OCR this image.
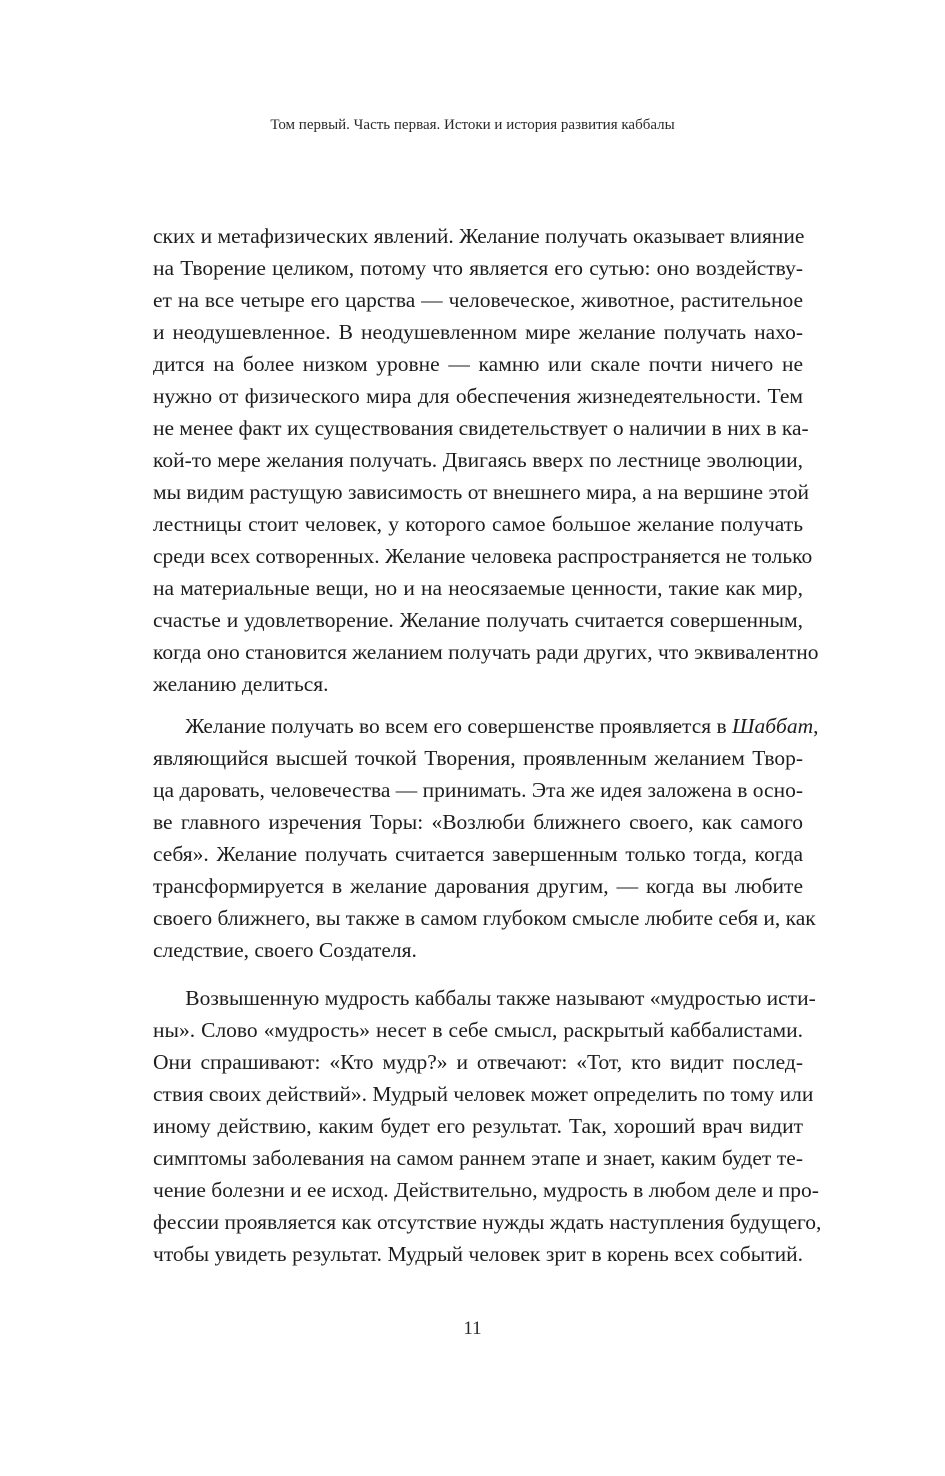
Том первый. Часть первая. Истоки и история развития каббалы
ских и метафизических явлений. Желание получать оказывает влияние
на Творение целиком, потому что является его сутью: оно воздейству-
ет на все четыре его царства — человеческое, животное, растительное
и неодушевленное. В неодушевленном мире желание получать нахо-
дится на более низком уровне — камню или скале почти ничего не
нужно от физического мира для обеспечения жизнедеятельности. Тем
не менее факт их существования свидетельствует о наличии в них в ка-
кой-то мере желания получать. Двигаясь вверх по лестнице эволюции,
мы видим растущую зависимость от внешнего мира, а на вершине этой
лестницы стоит человек, у которого самое большое желание получать
среди всех сотворенных. Желание человека распространяется не только
на материальные вещи, но и на неосязаемые ценности, такие как мир,
счастье и удовлетворение. Желание получать считается совершенным,
когда оно становится желанием получать ради других, что эквивалентно
желанию делиться.
Желание получать во всем его совершенстве проявляется в Шаббат,
являющийся высшей точкой Творения, проявленным желанием Твор-
ца даровать, человечества — принимать. Эта же идея заложена в осно-
ве главного изречения Торы: «Возлюби ближнего своего, как самого
себя». Желание получать считается завершенным только тогда, когда
трансформируется в желание дарования другим, — когда вы любите
своего ближнего, вы также в самом глубоком смысле любите себя и, как
следствие, своего Создателя.
Возвышенную мудрость каббалы также называют «мудростью исти-
ны». Слово «мудрость» несет в себе смысл, раскрытый каббалистами.
Они спрашивают: «Кто мудр?» и отвечают: «Тот, кто видит послед-
ствия своих действий». Мудрый человек может определить по тому или
иному действию, каким будет его результат. Так, хороший врач видит
симптомы заболевания на самом раннем этапе и знает, каким будет те-
чение болезни и ее исход. Действительно, мудрость в любом деле и про-
фессии проявляется как отсутствие нужды ждать наступления будущего,
чтобы увидеть результат. Мудрый человек зрит в корень всех событий.
11
